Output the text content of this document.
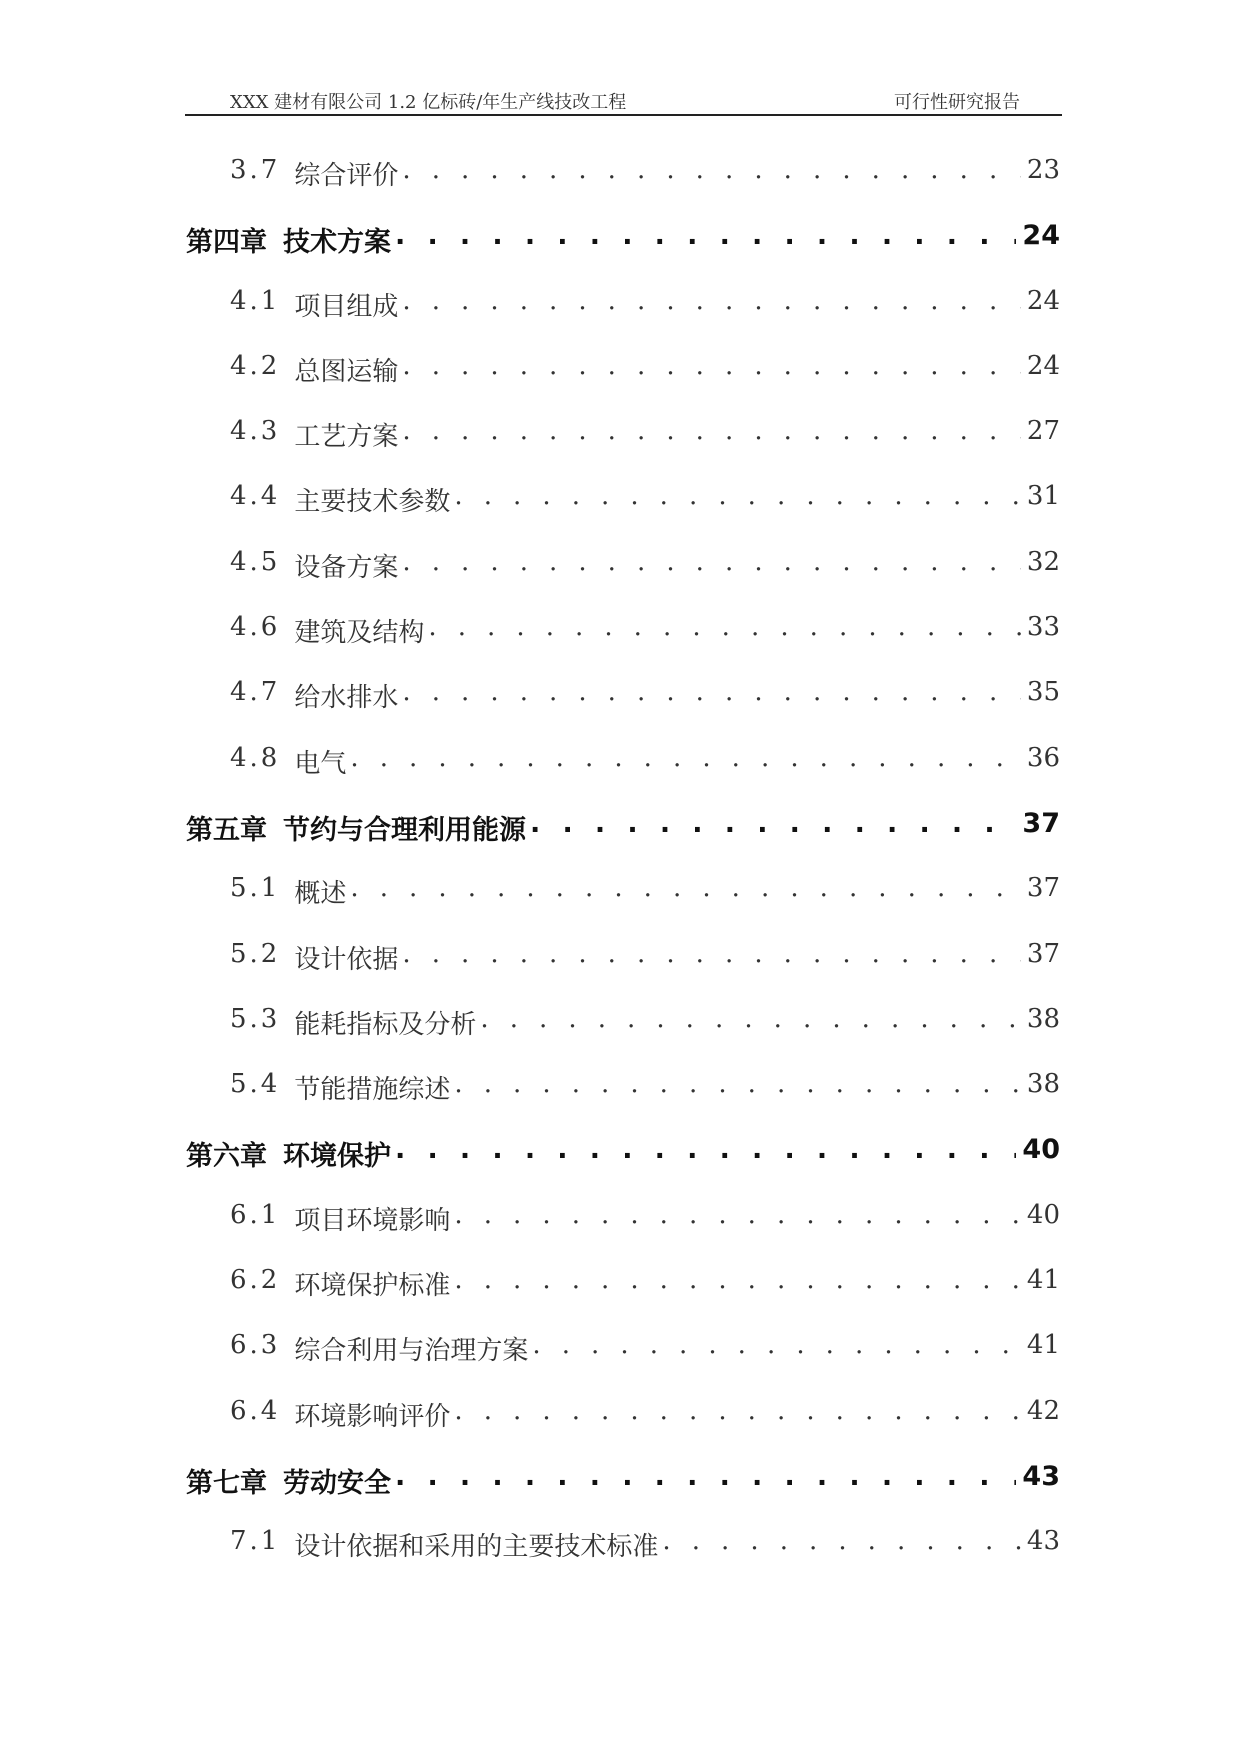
XXX 建材有限公司 1.2 亿标砖/年生产线技改工程	可行性研究报告
3.7 综合评价 . . .	23
第四章 技术方案 . . .	24
4.1 项目组成 . . .	24
4.2 总图运输 . . .	24
4.3 工艺方案 . . .	27
4.4 主要技术参数 . . .	31
4.5 设备方案 . . .	32
4.6 建筑及结构 . . .	33
4.7 给水排水 . . .	35
4.8 电气 . . .	36
第五章 节约与合理利用能源 . . .	37
5.1 概述 . . .	37
5.2 设计依据 . . .	37
5.3 能耗指标及分析 . . .	38
5.4 节能措施综述 . . .	38
第六章 环境保护 . . .	40
6.1 项目环境影响 . . .	40
6.2 环境保护标准 . . .	41
6.3 综合利用与治理方案 . . .	41
6.4 环境影响评价 . . .	42
第七章 劳动安全 . . .	43
7.1 设计依据和采用的主要技术标准 . . .	43
